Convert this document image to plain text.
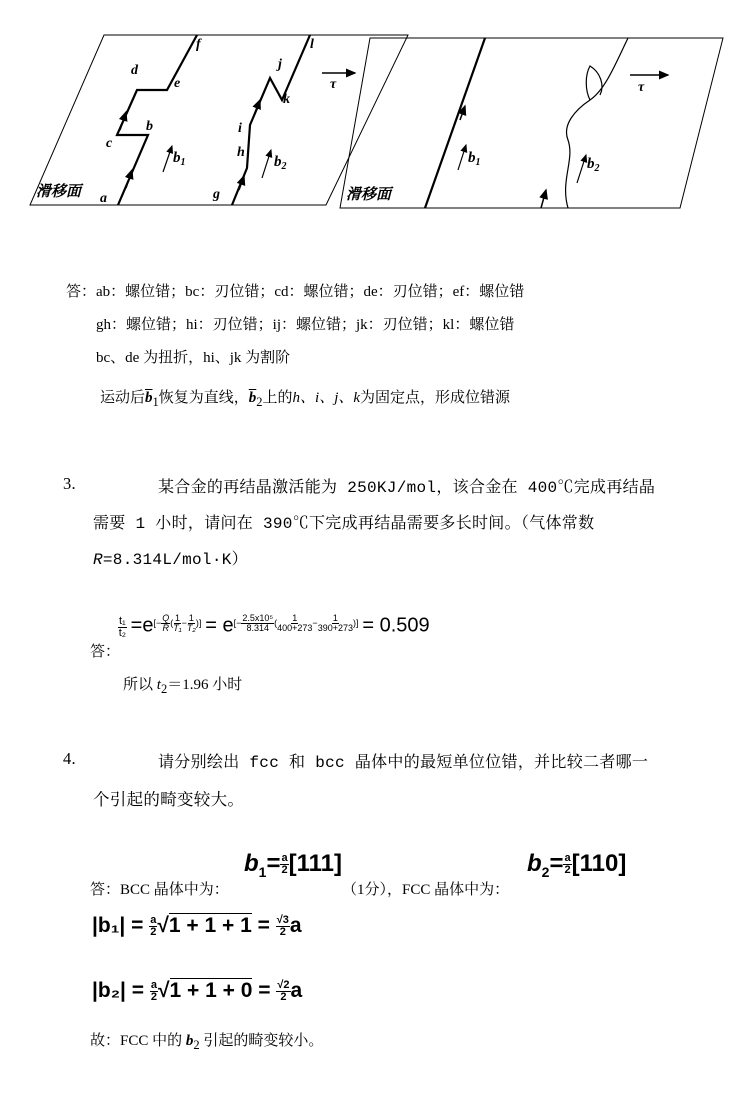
a
b
c
d
e
f
g
h
i
j
k
l
滑移面
$b_1$	$b_2$
τ
滑移面
$b_1$	$b_2$
τ
答：ab：螺位错；bc：刃位错；cd：螺位错；de：刃位错；ef：螺位错
gh：螺位错；hi：刃位错；ij：螺位错；jk：刃位错；kl：螺位错
bc、de 为扭折，hi、jk 为割阶
运动后$\overline{b}_1$恢复为直线，$\overline{b}_2$上的h、i、j、k为固定点，形成位错源
3.	某合金的再结晶激活能为 250KJ/mol，该合金在 400℃完成再结晶
需要 1 小时，请问在 390℃下完成再结晶需要多长时间。（气体常数
R=8.314L/mol·K）
答：
$\frac{\text{t₁}}{\text{t₂}} =e[- Q R ( 1 T_1 - 1 T_2 )] = e[- 2.5x10^5 8.314 ( 1 400+273 - 1 390+273 )] = 0.509$
所以 $t_2=1.96$ 小时
4.	请分别绘出 fcc 和 bcc 晶体中的最短单位位错，并比较二者哪一
个引起的畸变较大。
答：BCC 晶体中为：
$b_1= \frac{a}{2} [111]$
（1分），FCC 晶体中为：
$b_2= \frac{a}{2} [110]$
$|b_1| = \frac{a}{2} √1 + 1 + 1 = \frac{√3}{2}$ a
$|b_2| = \frac{a}{2} √1 + 1 + 0 = \frac{√2}{2}$ a
故：FCC 中的 $b_2$ 引起的畸变较小。
